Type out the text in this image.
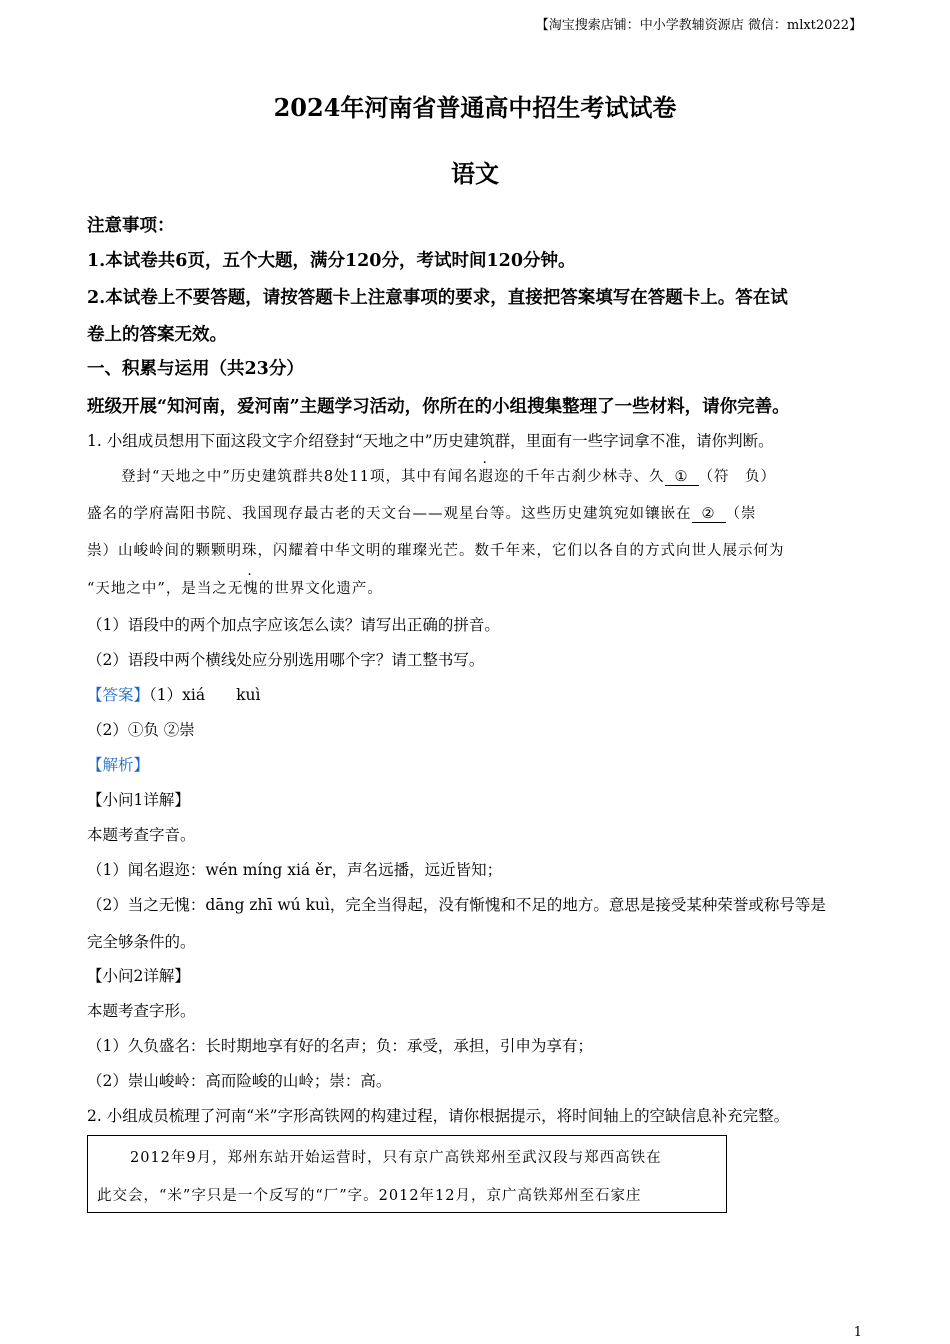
【淘宝搜索店铺：中小学教辅资源店 微信：mlxt2022】
2024年河南省普通高中招生考试试卷
语文
注意事项：
1.本试卷共6页，五个大题，满分120分，考试时间120分钟。
2.本试卷上不要答题，请按答题卡上注意事项的要求，直接把答案填写在答题卡上。答在试
卷上的答案无效。
一、积累与运用（共23分）
班级开展“知河南，爱河南”主题学习活动，你所在的小组搜集整理了一些材料，请你完善。
1. 小组成员想用下面这段文字介绍登封“天地之中”历史建筑群，里面有一些字词拿不准，请你判断。
登封“天地之中”历史建筑群共8处11项，其中有闻名遐迩的千年古刹少林寺、久 ① （符　负）
盛名的学府嵩阳书院、我国现存最古老的天文台——观星台等。这些历史建筑宛如镶嵌在 ② （崇
祟）山峻岭间的颗颗明珠，闪耀着中华文明的璀璨光芒。数千年来，它们以各自的方式向世人展示何为
“天地之中”，是当之无愧的世界文化遗产。
（1）语段中的两个加点字应该怎么读？请写出正确的拼音。
（2）语段中两个横线处应分别选用哪个字？请工整书写。
【答案】（1）xiá　　kuì
（2）①负 ②崇
【解析】
【小问1详解】
本题考查字音。
（1）闻名遐迩：wén míng xiá ěr，声名远播，远近皆知；
（2）当之无愧：dāng zhī wú kuì，完全当得起，没有惭愧和不足的地方。意思是接受某种荣誉或称号等是
完全够条件的。
【小问2详解】
本题考查字形。
（1）久负盛名：长时期地享有好的名声；负：承受，承担，引申为享有；
（2）崇山峻岭：高而险峻的山岭；崇：高。
2. 小组成员梳理了河南“米”字形高铁网的构建过程，请你根据提示，将时间轴上的空缺信息补充完整。
2012年9月，郑州东站开始运营时，只有京广高铁郑州至武汉段与郑西高铁在
此交会，“米”字只是一个反写的“厂”字。2012年12月，京广高铁郑州至石家庄
1
